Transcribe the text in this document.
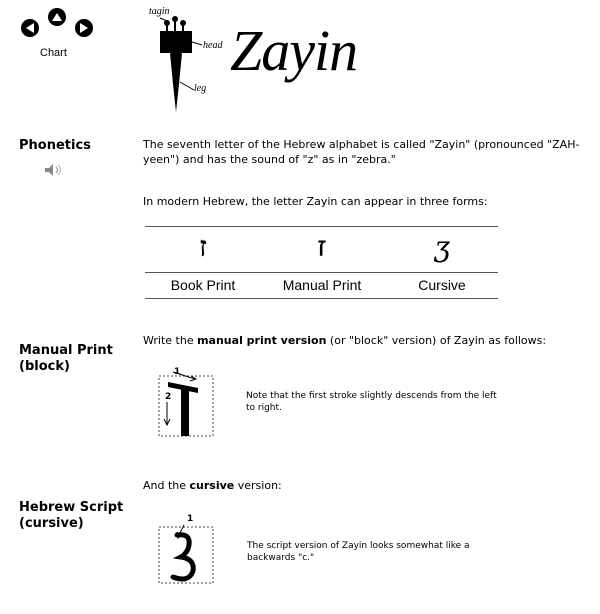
Chart
tagin
head
leg
Zayin
Phonetics	The seventh letter of the Hebrew alphabet is called "Zayin" (pronounced "ZAH-yeen") and has the sound of "z" as in "zebra."
In modern Hebrew, the letter Zayin can appear in three forms:
ז	ז	ʒ
Book Print	Manual Print	Cursive
Manual Print (block)
Write the manual print version (or "block" version) of Zayin as follows:
1
2	Note that the first stroke slightly descends from the left to right.
And the cursive version:
Hebrew Script (cursive)	1
The script version of Zayin looks somewhat like a backwards "c."
